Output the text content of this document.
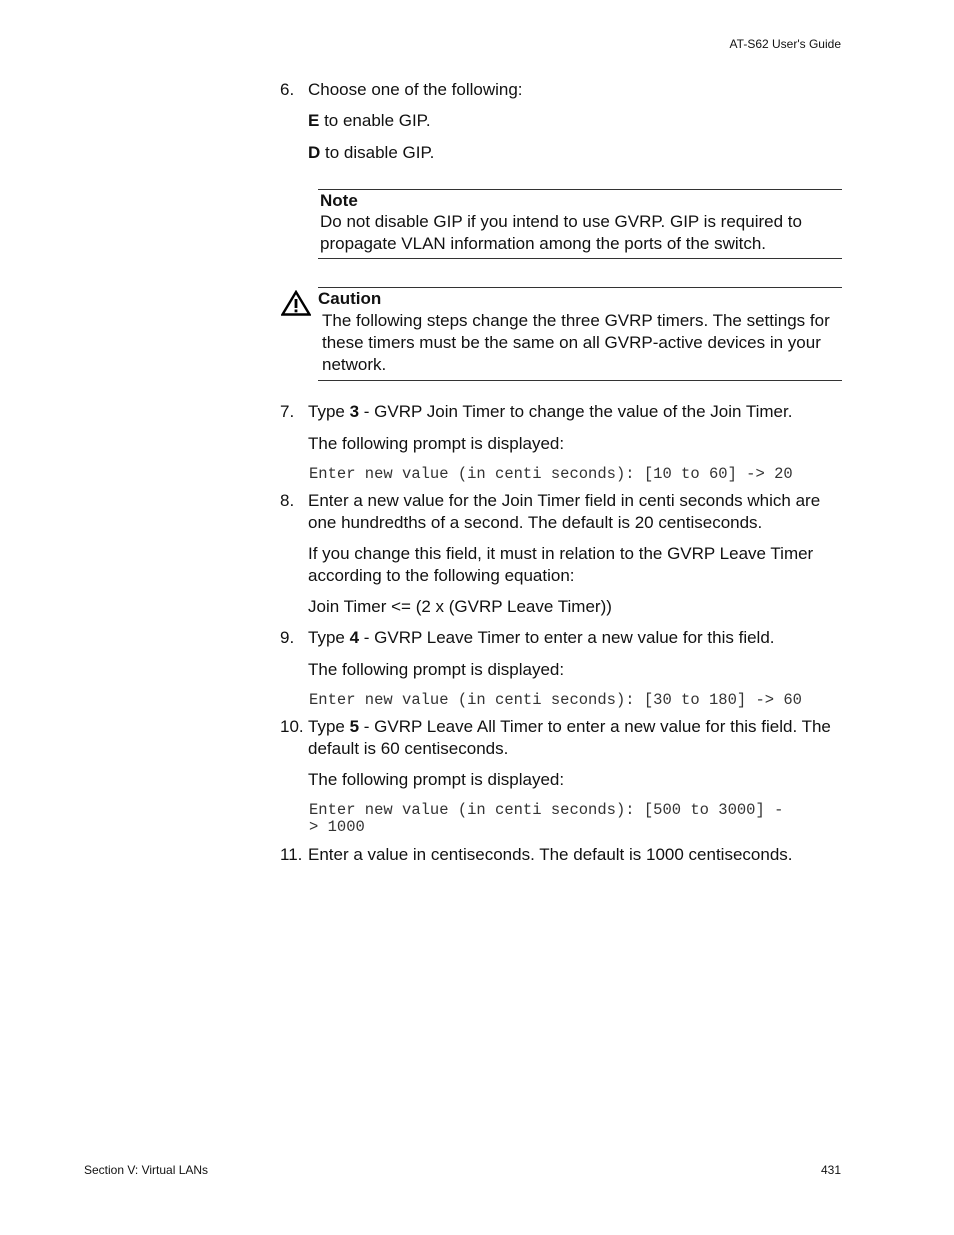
AT-S62 User's Guide
6. Choose one of the following:
E to enable GIP.
D to disable GIP.
Note
Do not disable GIP if you intend to use GVRP. GIP is required to propagate VLAN information among the ports of the switch.
Caution
The following steps change the three GVRP timers. The settings for these timers must be the same on all GVRP-active devices in your network.
7. Type 3 - GVRP Join Timer to change the value of the Join Timer.
The following prompt is displayed:
Enter new value (in centi seconds): [10 to 60] -> 20
8. Enter a new value for the Join Timer field in centi seconds which are one hundredths of a second. The default is 20 centiseconds.
If you change this field, it must in relation to the GVRP Leave Timer according to the following equation:
Join Timer <= (2 x (GVRP Leave Timer))
9. Type 4 - GVRP Leave Timer to enter a new value for this field.
The following prompt is displayed:
Enter new value (in centi seconds): [30 to 180] -> 60
10. Type 5 - GVRP Leave All Timer to enter a new value for this field. The default is 60 centiseconds.
The following prompt is displayed:
Enter new value (in centi seconds): [500 to 3000] -
> 1000
11. Enter a value in centiseconds. The default is 1000 centiseconds.
Section V: Virtual LANs	431
